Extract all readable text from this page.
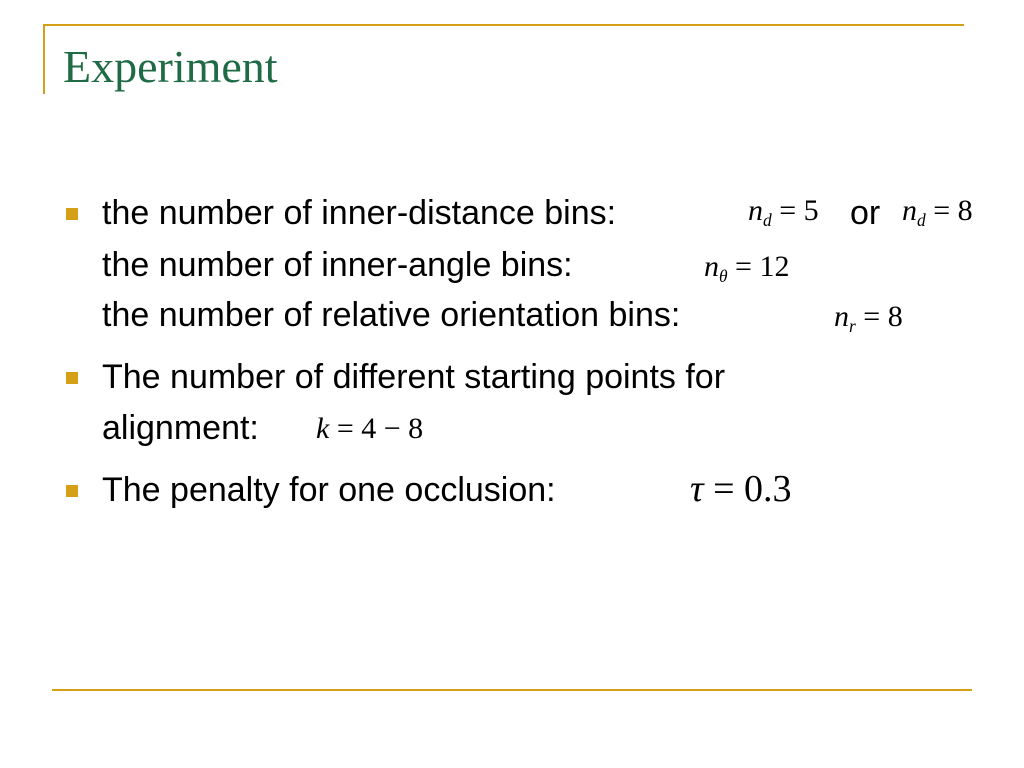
Experiment
the number of inner-distance bins:	$n_d = 5$ or $n_d = 8$
the number of inner-angle bins:	$n_\theta = 12$
the number of relative orientation bins:	$n_r = 8$
The number of different starting points for
alignment: k = 4 − 8
The penalty for one occlusion:	τ = 0.3
